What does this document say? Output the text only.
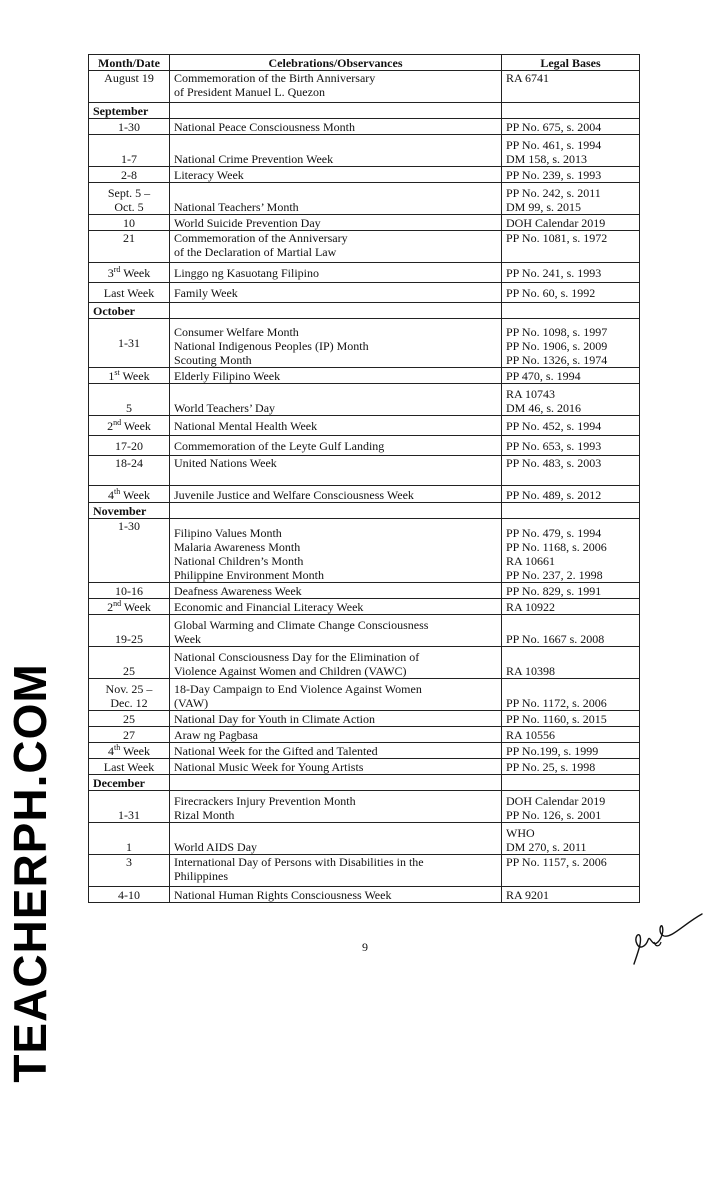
Month/Date	Celebrations/Observances	Legal Bases
August 19	Commemoration of the Birth Anniversary
of President Manuel L. Quezon	RA 6741
September		
1-30	National Peace Consciousness Month	PP No. 675, s. 2004
1-7	National Crime Prevention Week	PP No. 461, s. 1994
DM 158, s. 2013

2-8	Literacy Week	PP No. 239, s. 1993

Sept. 5 –
Oct. 5	National Teachers’ Month	PP No. 242, s. 2011
DM 99, s. 2015

10	World Suicide Prevention Day	DOH Calendar 2019
21	Commemoration of the Anniversary
of the Declaration of Martial Law	PP No. 1081, s. 1972
3rd Week	Linggo ng Kasuotang Filipino	PP No. 241, s. 1993
Last Week	Family Week	PP No. 60, s. 1992
October		
1-31	Consumer Welfare Month
National Indigenous Peoples (IP) Month
Scouting Month	PP No. 1098, s. 1997
PP No. 1906, s. 2009
PP No. 1326, s. 1974

1st Week	Elderly Filipino Week	PP 470, s. 1994
5	World Teachers’ Day	RA 10743
DM 46, s. 2016

2nd Week	National Mental Health Week	PP No. 452, s. 1994
17-20	Commemoration of the Leyte Gulf Landing	PP No. 653, s. 1993
18-24	United Nations Week	PP No. 483, s. 2003
4th Week	Juvenile Justice and Welfare Consciousness Week	PP No. 489, s. 2012
November		
1-30	Filipino Values Month
Malaria Awareness Month
National Children’s Month
Philippine Environment Month	PP No. 479, s. 1994
PP No. 1168, s. 2006
RA 10661
PP No. 237, 2. 1998

10-16	Deafness Awareness Week	PP No. 829, s. 1991
2nd Week	Economic and Financial Literacy Week	RA 10922
19-25	Global Warming and Climate Change Consciousness
Week	PP No. 1667 s. 2008
25	National Consciousness Day for the Elimination of
Violence Against Women and Children (VAWC)	RA 10398

Nov. 25 –
Dec. 12	18-Day Campaign to End Violence Against Women
(VAW)	PP No. 1172, s. 2006
25	National Day for Youth in Climate Action	PP No. 1160, s. 2015
27	Araw ng Pagbasa	RA 10556
4th Week	National Week for the Gifted and Talented	PP No.199, s. 1999
Last Week	National Music Week for Young Artists	PP No. 25, s. 1998
December		
1-31	Firecrackers Injury Prevention Month
Rizal Month	DOH Calendar 2019
PP No. 126, s. 2001

1	World AIDS Day	WHO
DM 270, s. 2011

3	International Day of Persons with Disabilities in the
Philippines	PP No. 1157, s. 2006
4-10	National Human Rights Consciousness Week	RA 9201
9
TEACHERPH.COM
